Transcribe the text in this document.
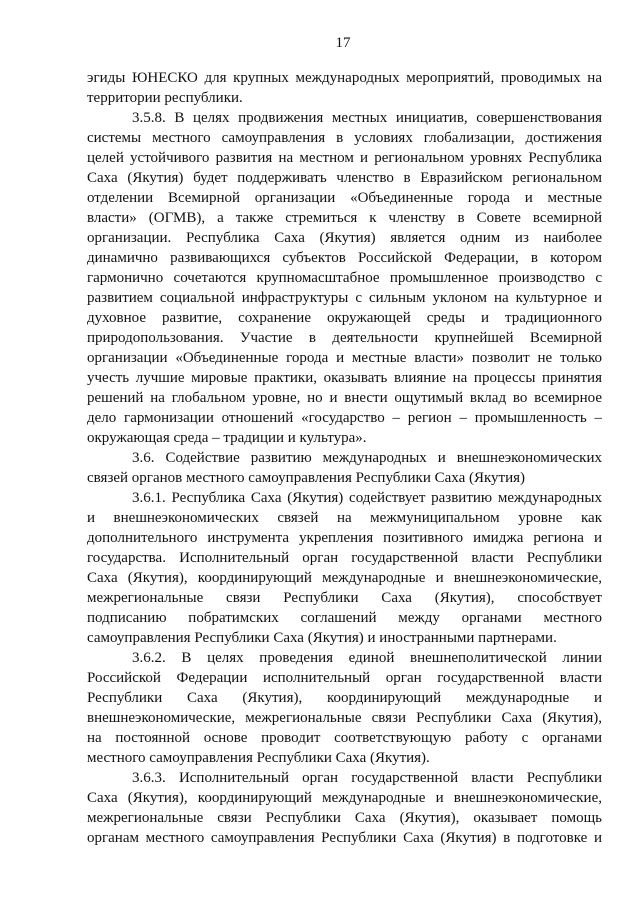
17
эгиды ЮНЕСКО для крупных международных мероприятий, проводимых на
территории республики.
3.5.8. В целях продвижения местных инициатив, совершенствования
системы местного самоуправления в условиях глобализации, достижения
целей устойчивого развития на местном и региональном уровнях Республика
Саха (Якутия) будет поддерживать членство в Евразийском региональном
отделении Всемирной организации «Объединенные города и местные
власти» (ОГМВ), а также стремиться к членству в Совете всемирной
организации. Республика Саха (Якутия) является одним из наиболее
динамично развивающихся субъектов Российской Федерации, в котором
гармонично сочетаются крупномасштабное промышленное производство с
развитием социальной инфраструктуры с сильным уклоном на культурное и
духовное развитие, сохранение окружающей среды и традиционного
природопользования. Участие в деятельности крупнейшей Всемирной
организации «Объединенные города и местные власти» позволит не только
учесть лучшие мировые практики, оказывать влияние на процессы принятия
решений на глобальном уровне, но и внести ощутимый вклад во всемирное
дело гармонизации отношений «государство – регион – промышленность –
окружающая среда – традиции и культура».
3.6. Содействие развитию международных и внешнеэкономических
связей органов местного самоуправления Республики Саха (Якутия)
3.6.1. Республика Саха (Якутия) содействует развитию международных
и внешнеэкономических связей на межмуниципальном уровне как
дополнительного инструмента укрепления позитивного имиджа региона и
государства. Исполнительный орган государственной власти Республики
Саха (Якутия), координирующий международные и внешнеэкономические,
межрегиональные связи Республики Саха (Якутия), способствует
подписанию побратимских соглашений между органами местного
самоуправления Республики Саха (Якутия) и иностранными партнерами.
3.6.2. В целях проведения единой внешнеполитической линии
Российской Федерации исполнительный орган государственной власти
Республики Саха (Якутия), координирующий международные и
внешнеэкономические, межрегиональные связи Республики Саха (Якутия),
на постоянной основе проводит соответствующую работу с органами
местного самоуправления Республики Саха (Якутия).
3.6.3. Исполнительный орган государственной власти Республики
Саха (Якутия), координирующий международные и внешнеэкономические,
межрегиональные связи Республики Саха (Якутия), оказывает помощь
органам местного самоуправления Республики Саха (Якутия) в подготовке и
